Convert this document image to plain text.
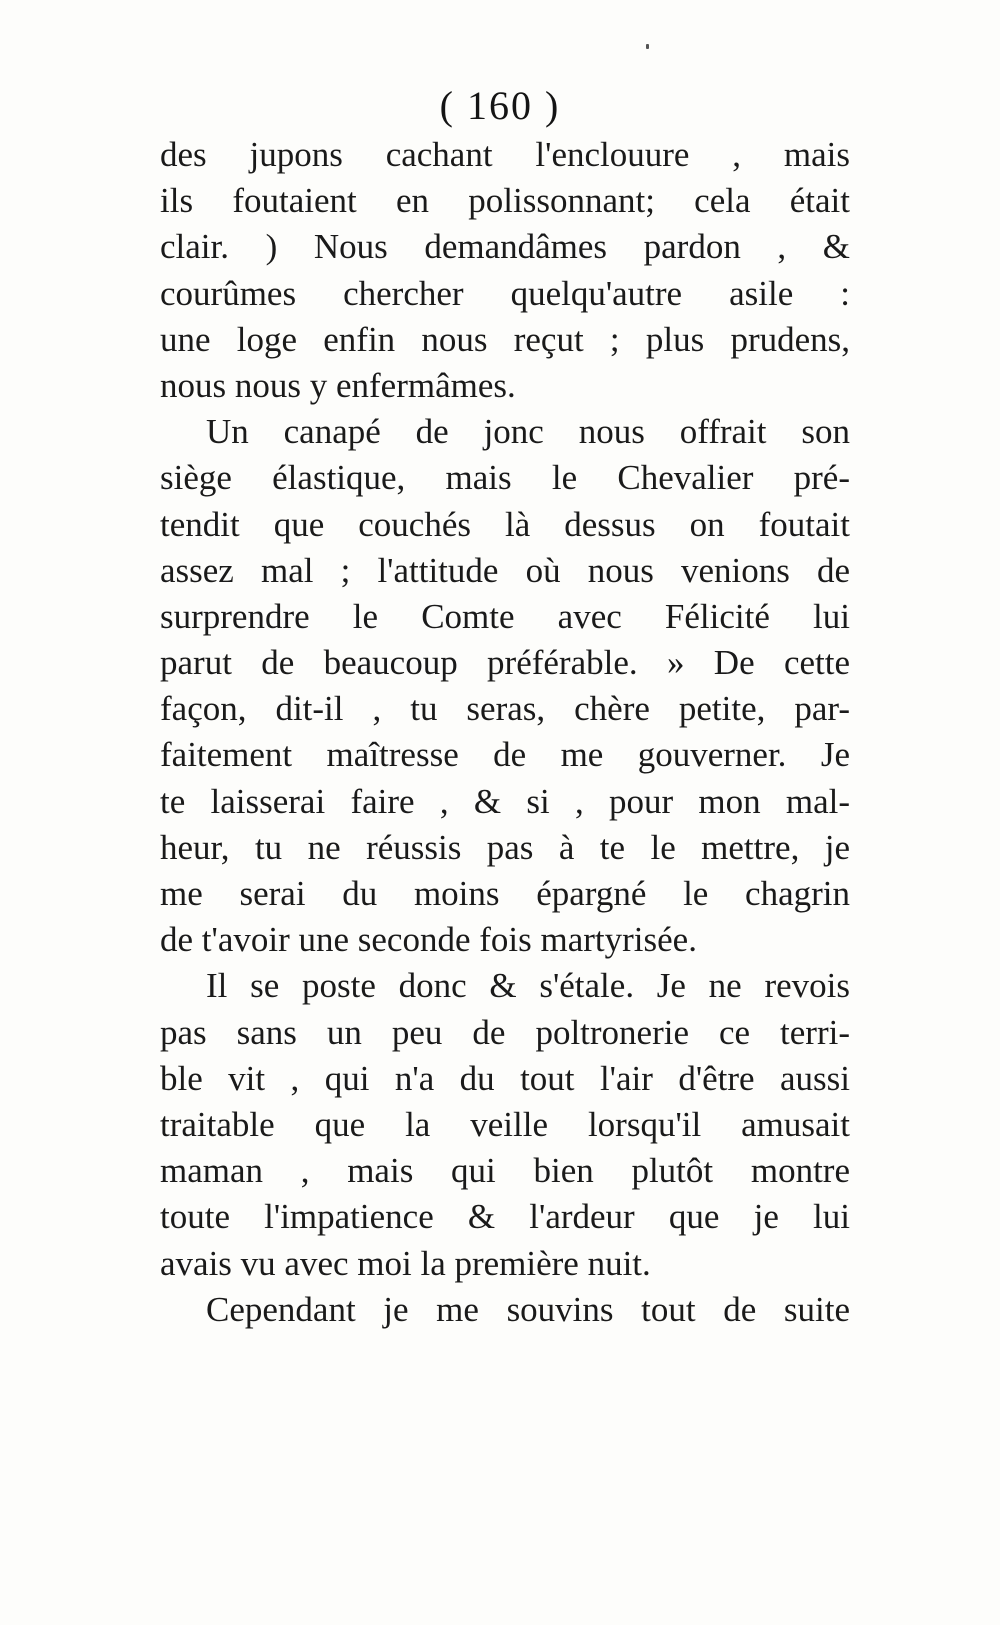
( 160 )
des jupons cachant l'enclouure , mais
ils foutaient en polissonnant; cela était
clair. ) Nous demandâmes pardon , &
courûmes chercher quelqu'autre asile :
une loge enfin nous reçut ; plus prudens,
nous nous y enfermâmes.
Un canapé de jonc nous offrait son
siège élastique, mais le Chevalier pré-
tendit que couchés là dessus on foutait
assez mal ; l'attitude où nous venions de
surprendre le Comte avec Félicité lui
parut de beaucoup préférable. » De cette
façon, dit-il , tu seras, chère petite, par-
faitement maîtresse de me gouverner. Je
te laisserai faire , & si , pour mon mal-
heur, tu ne réussis pas à te le mettre, je
me serai du moins épargné le chagrin
de t'avoir une seconde fois martyrisée.
Il se poste donc & s'étale. Je ne revois
pas sans un peu de poltronerie ce terri-
ble vit , qui n'a du tout l'air d'être aussi
traitable que la veille lorsqu'il amusait
maman , mais qui bien plutôt montre
toute l'impatience & l'ardeur que je lui
avais vu avec moi la première nuit.
Cependant je me souvins tout de suite
